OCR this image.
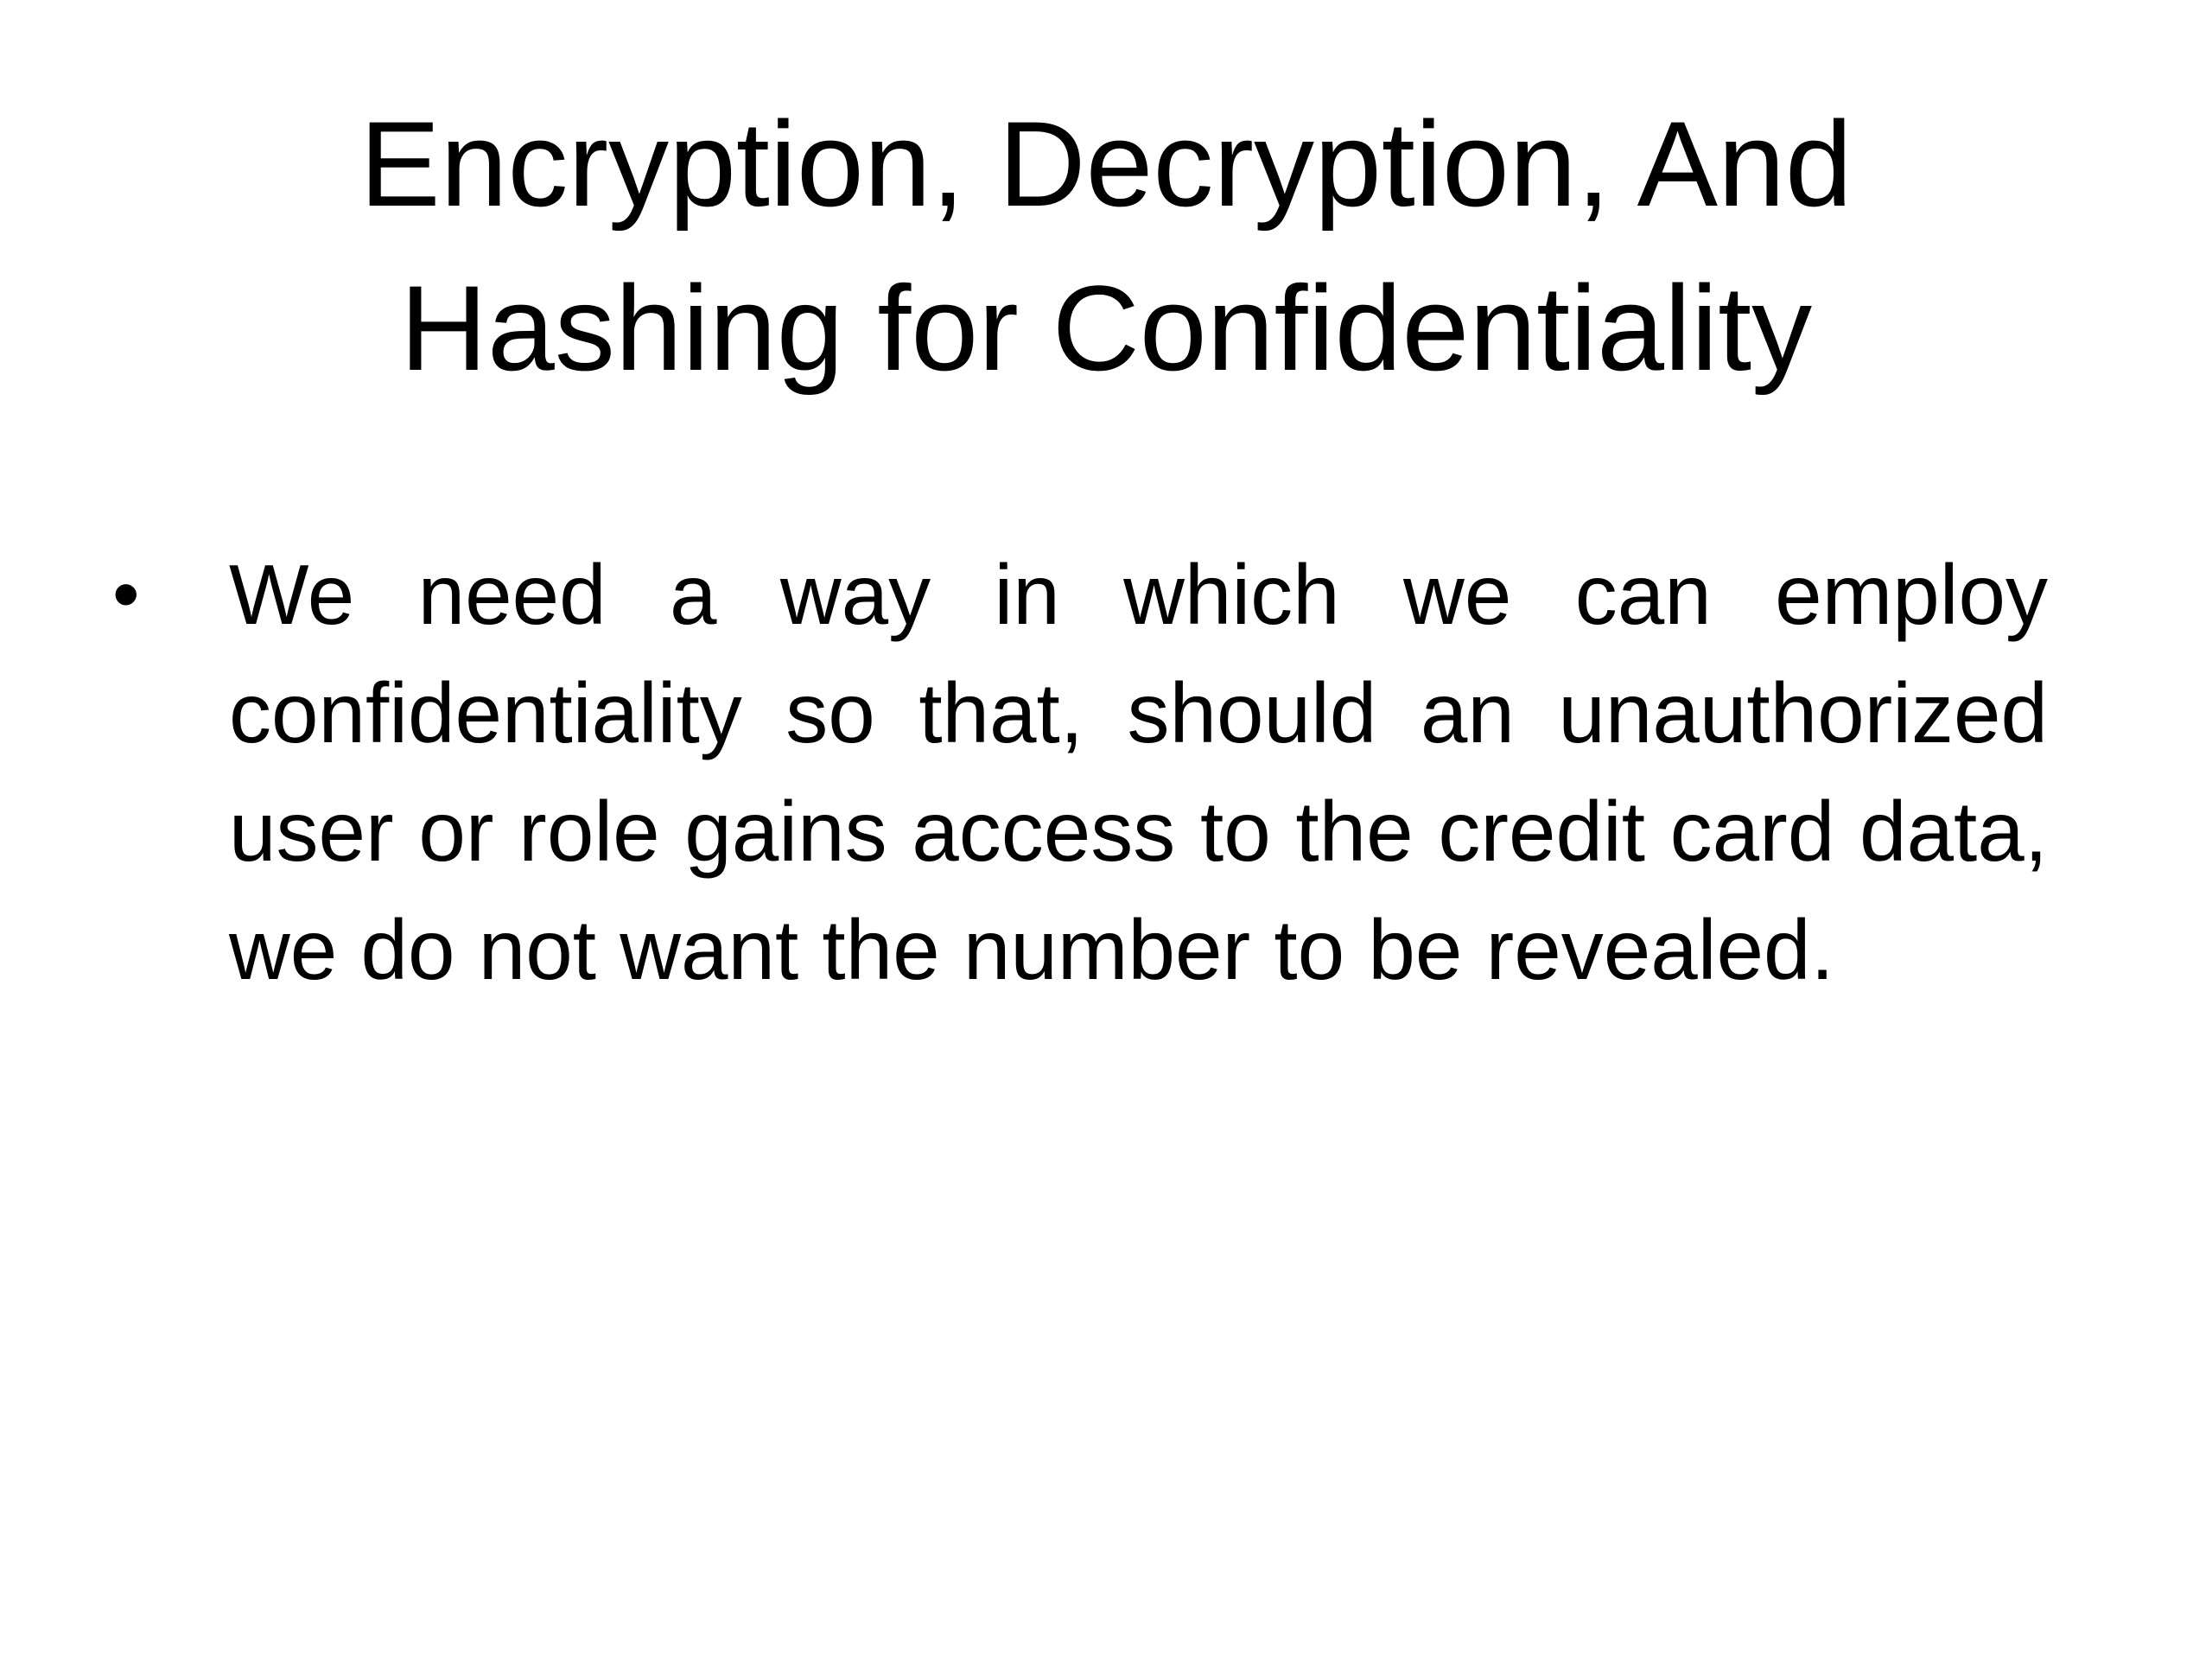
Encryption, Decryption, And Hashing for Confidentiality
• We need a way in which we can employ confidentiality so that, should an unauthorized user or role gains access to the credit card data, we do not want the number to be revealed.
